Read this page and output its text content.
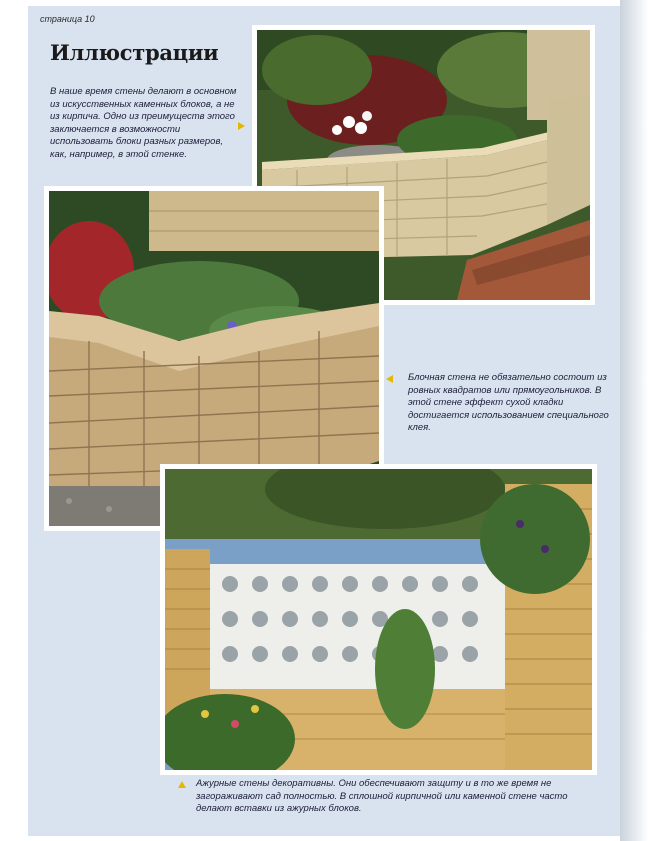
страница 10
Иллюстрации
В наше время стены делают в основном из искусственных каменных блоков, а не из кирпича. Одно из преимуществ этого заключается в возможности использовать блоки разных размеров, как, например, в этой стенке.
Блочная стена не обязательно состоит из ровных квадратов или прямоугольников. В этой стене эффект сухой кладки достигается использованием специального клея.
Ажурные стены декоративны. Они обеспечивают защиту и в то же время не загораживают сад полностью. В сплошной кирпичной или каменной стене часто делают вставки из ажурных блоков.
